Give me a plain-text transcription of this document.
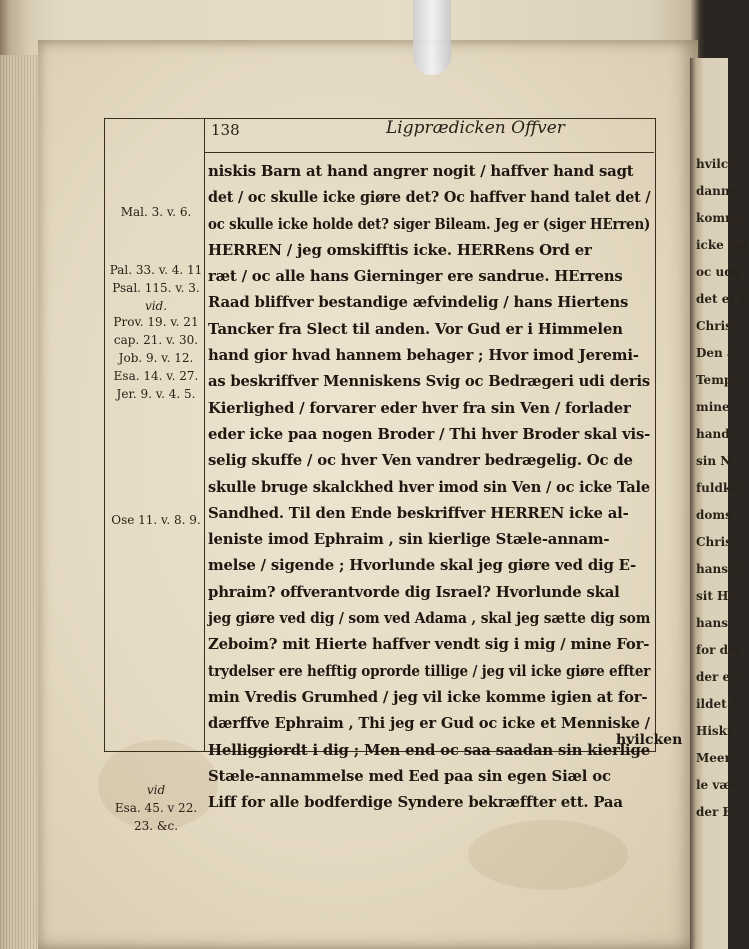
hvilck
danne
komme
icke lad
oc udg
det er C
Christ
Den a
Tempe
mine
hand
sin N
fuldko
doms
Chris
hans S
sit Ho
hans
for der
der ere
ildet f
Hiski
Meer
le vær
der E
138	Ligprædicken Offver
Mal. 3. v. 6.
Pal. 33. v. 4. 11
Psal. 115. v. 3.
vid.
Prov. 19. v. 21
cap. 21. v. 30.
Job. 9. v. 12.
Esa. 14. v. 27.
Jer. 9. v. 4. 5.
Ose 11. v. 8. 9.
vid
Esa. 45. v 22.
23. &c.
niskis Barn at hand angrer nogit / haffver hand sagt
det / oc skulle icke giøre det? Oc haffver hand talet det /
oc skulle icke holde det? siger Bileam. Jeg er (siger HErren)
HERREN / jeg omskifftis icke. HERRens Ord er
ræt / oc alle hans Gierninger ere sandrue. HErrens
Raad bliffver bestandige æfvindelig / hans Hiertens
Tancker fra Slect til anden. Vor Gud er i Himmelen
hand gior hvad hannem behager ; Hvor imod Jeremi-
as beskriffver Menniskens Svig oc Bedrægeri udi deris
Kierlighed / forvarer eder hver fra sin Ven / forlader
eder icke paa nogen Broder / Thi hver Broder skal vis-
selig skuffe / oc hver Ven vandrer bedrægelig. Oc de
skulle bruge skalckhed hver imod sin Ven / oc icke Tale
Sandhed. Til den Ende beskriffver HERREN icke al-
leniste imod Ephraim , sin kierlige Stæle-annam-
melse / sigende ; Hvorlunde skal jeg giøre ved dig E-
phraim? offverantvorde dig Israel? Hvorlunde skal
jeg giøre ved dig / som ved Adama , skal jeg sætte dig som
Zeboim? mit Hierte haffver vendt sig i mig / mine For-
trydelser ere hefftig oprorde tillige / jeg vil icke giøre effter
min Vredis Grumhed / jeg vil icke komme igien at for-
dærffve Ephraim , Thi jeg er Gud oc icke et Menniske /
Helliggiordt i dig ; Men end oc saa saadan sin kierlige
Stæle-annammelse med Eed paa sin egen Siæl oc
Liff for alle bodferdige Syndere bekræffter ett. Paa
hvilcken
